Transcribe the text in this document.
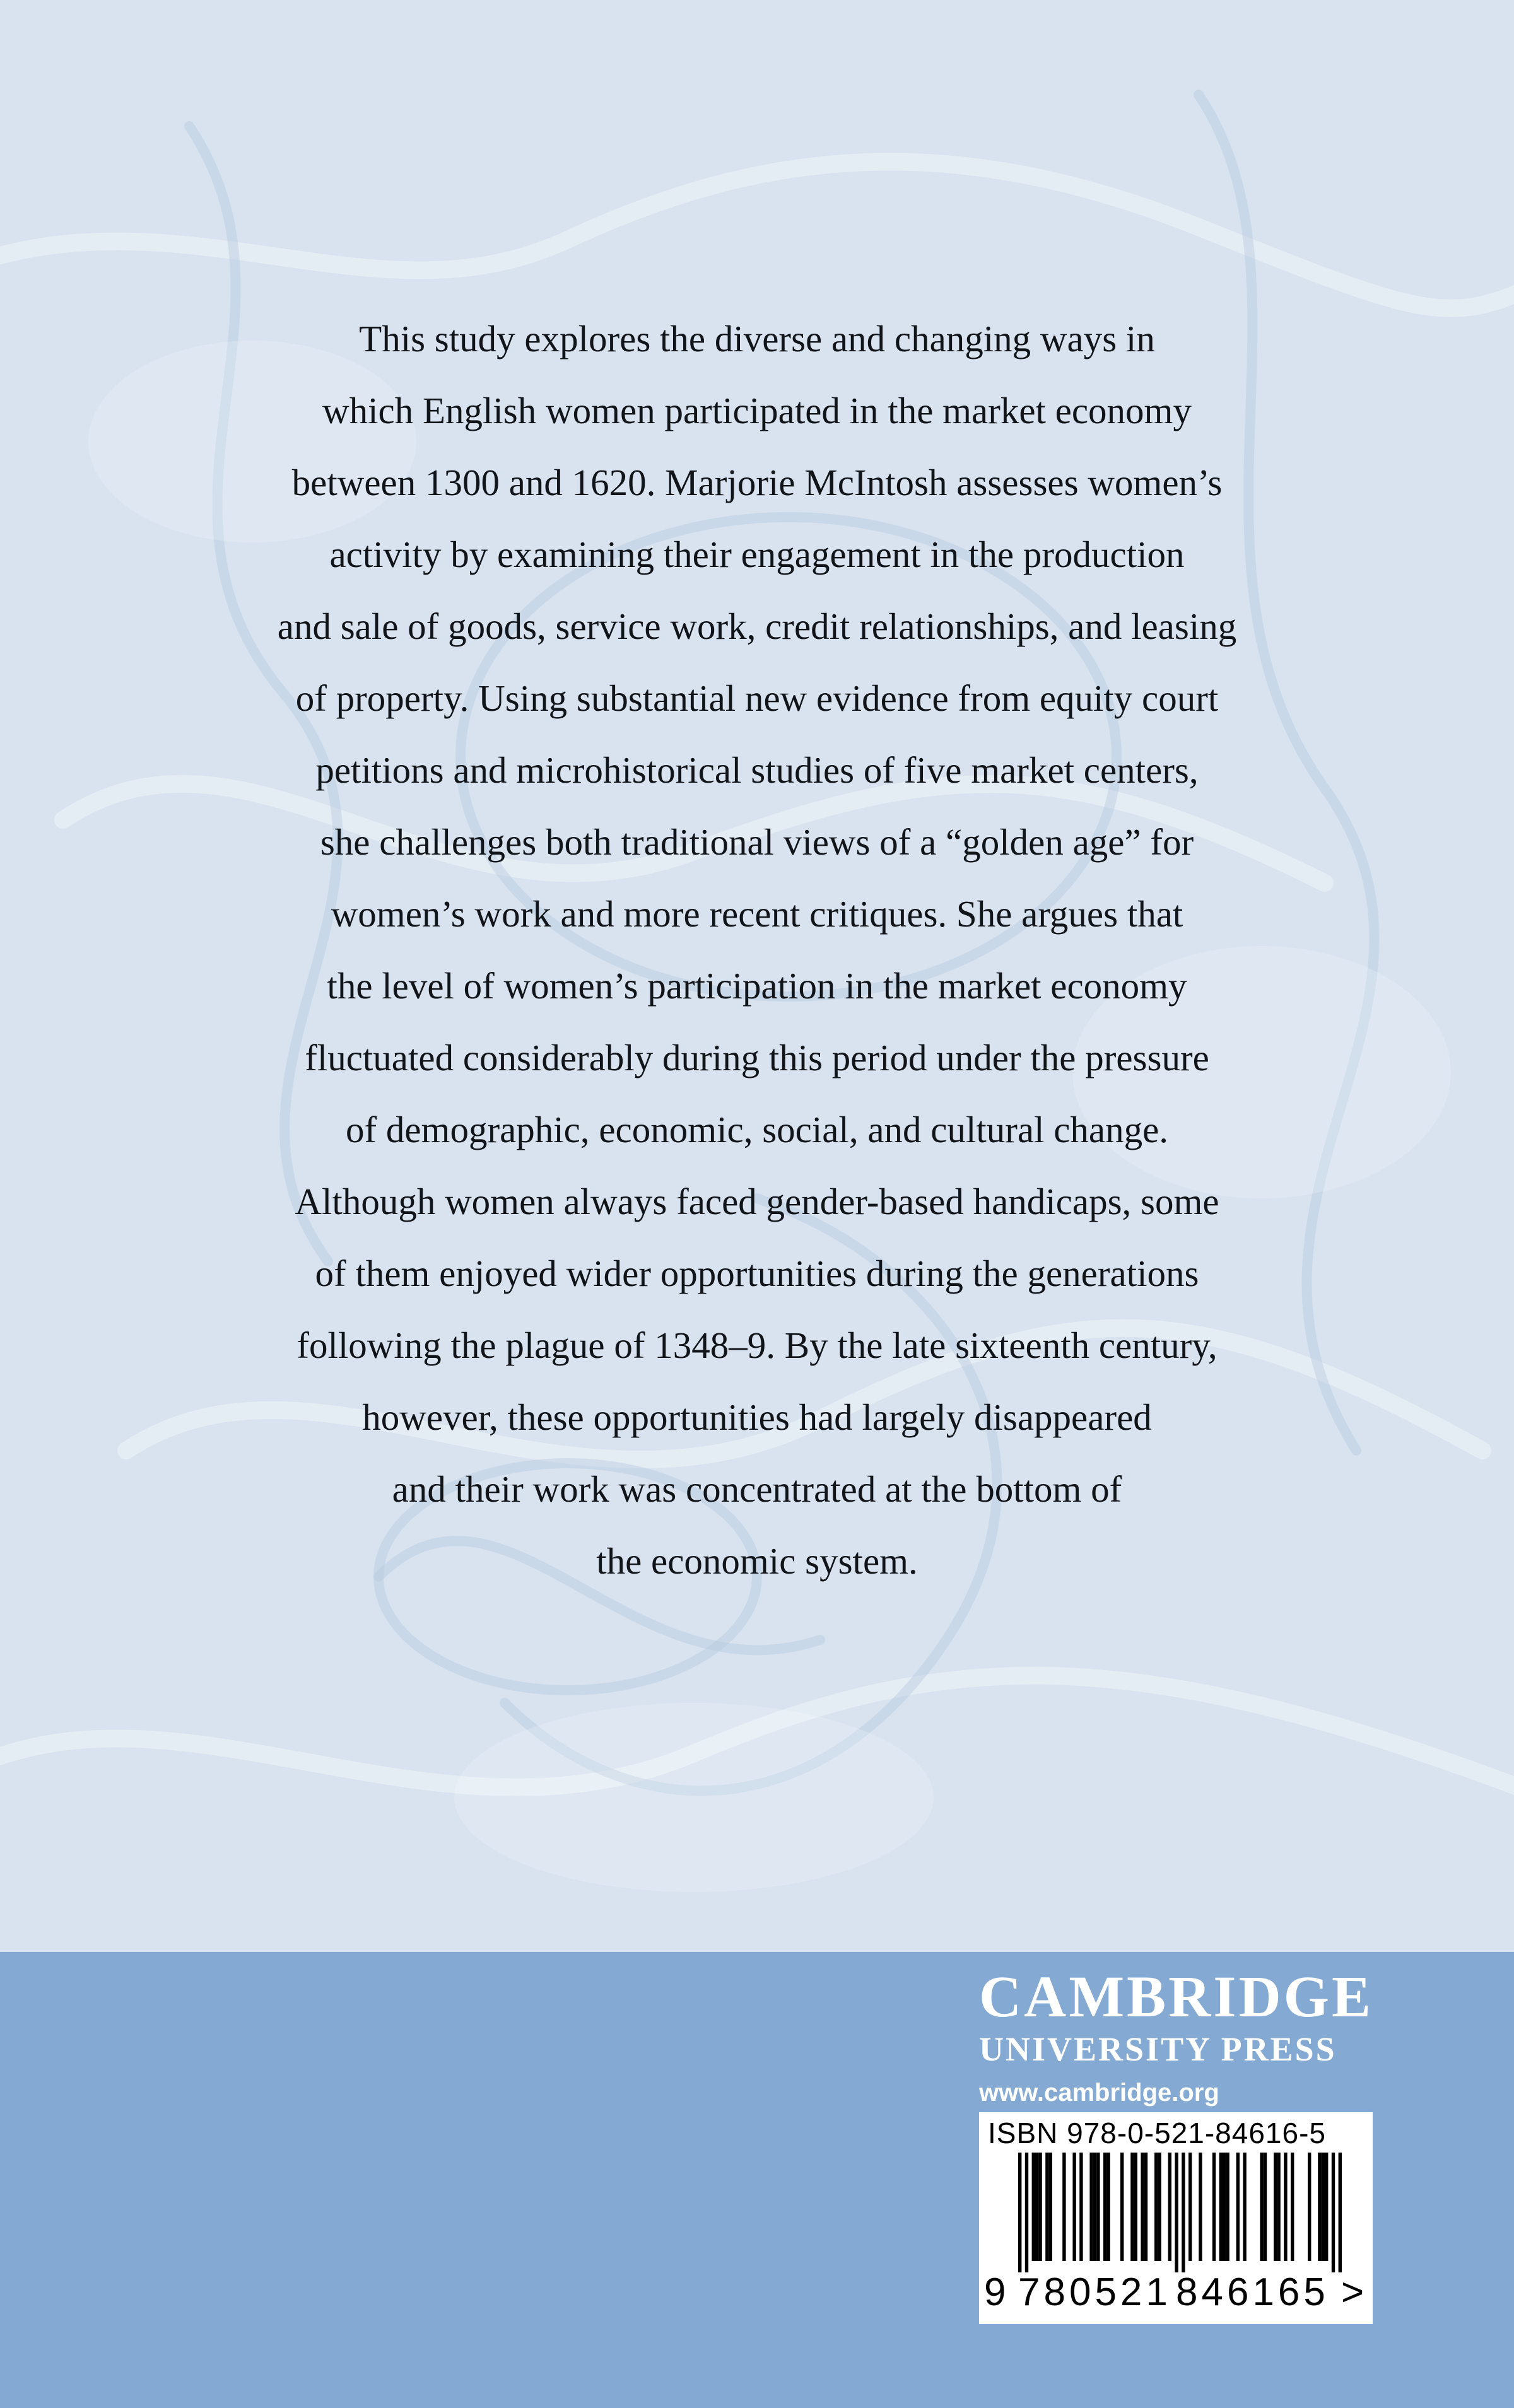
This study explores the diverse and changing ways in
which English women participated in the market economy
between 1300 and 1620. Marjorie McIntosh assesses women’s
activity by examining their engagement in the production
and sale of goods, service work, credit relationships, and leasing
of property. Using substantial new evidence from equity court
petitions and microhistorical studies of five market centers,
she challenges both traditional views of a “golden age” for
women’s work and more recent critiques. She argues that
the level of women’s participation in the market economy
fluctuated considerably during this period under the pressure
of demographic, economic, social, and cultural change.
Although women always faced gender-based handicaps, some
of them enjoyed wider opportunities during the generations
following the plague of 1348–9. By the late sixteenth century,
however, these opportunities had largely disappeared
and their work was concentrated at the bottom of
the economic system.

CAMBRIDGE
UNIVERSITY PRESS
www.cambridge.org
ISBN 978-0-521-84616-5
9 780521 846165 >
